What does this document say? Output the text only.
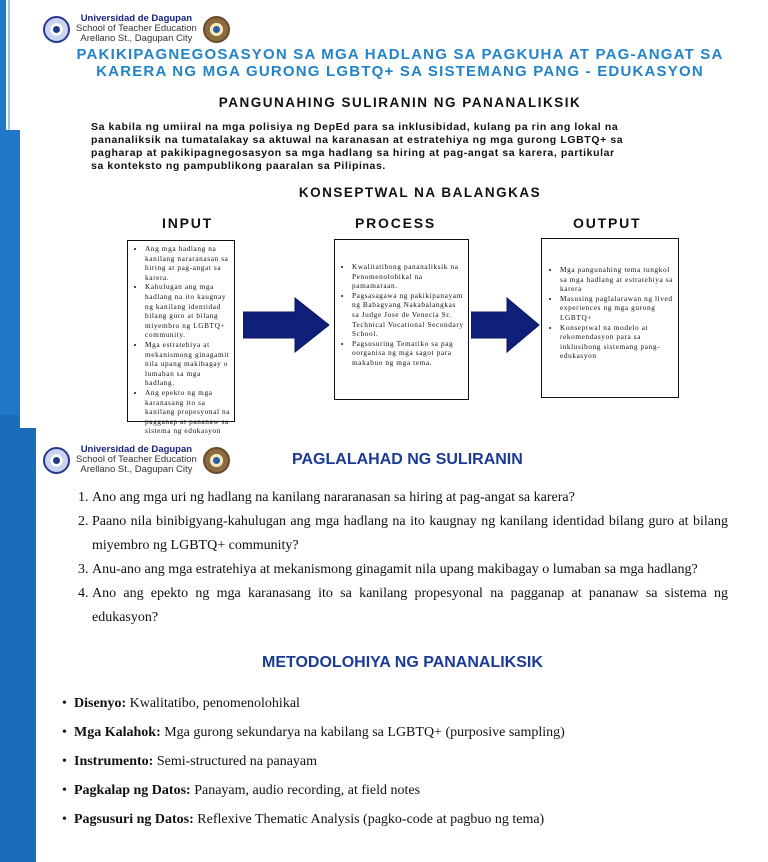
Universidad de Dagupan
School of Teacher Education
Arellano St., Dagupan City
PAKIKIPAGNEGOSASYON SA MGA HADLANG SA PAGKUHA AT PAG-ANGAT SA
KARERA NG MGA GURONG LGBTQ+ SA SISTEMANG PANG - EDUKASYON
PANGUNAHING SULIRANIN NG PANANALIKSIK
Sa kabila ng umiiral na mga polisiya ng DepEd para sa inklusibidad, kulang pa rin ang lokal na
pananaliksik na tumatalakay sa aktuwal na karanasan at estratehiya ng mga gurong LGBTQ+ sa
pagharap at pakikipagnegosasyon sa mga hadlang sa hiring at pag-angat sa karera, partikular
sa konteksto ng pampublikong paaralan sa Pilipinas.
KONSEPTWAL NA BALANGKAS
INPUT	PROCESS	OUTPUT
• Ang mga hadlang na kanilang nararanasan sa hiring at pag-angat sa karera.
• Kahulugan ang mga hadlang na ito kaugnay ng kanilang identidad bilang guro at bilang miyembro ng LGBTQ+ community.
• Mga estratehiya at mekanismong ginagamit nila upang makibagay o lumaban sa mga hadlang.
• Ang epekto ng mga karanasang ito sa kanilang propesyonal na pagganap at pananaw sa sistema ng edukasyon
• Kwalitatibong pananaliksik na Penomenolohikal na pamamaraan.
• Pagsasagawa ng pakikipanayam ng Babagyang Nakabalangkas sa Judge Jose de Venecia Sr. Technical Vocational Secondary School.
• Pagsusuring Tematiko sa pag oorganisa ng mga sagot para makabuo ng mga tema.
• Mga pangunahing tema tungkol sa mga hadlang at estratehiya sa karera
• Masusing paglalarawan ng lived experiences ng mga gurong LGBTQ+
• Konseptwal na modelo at rekomendasyon para sa inklusibong sistemang pang-edukasyon
Universidad de Dagupan
School of Teacher Education
Arellano St., Dagupan City
PAGLALAHAD NG SULIRANIN
1. Ano ang mga uri ng hadlang na kanilang nararanasan sa hiring at pag-angat sa karera?
2. Paano nila binibigyang-kahulugan ang mga hadlang na ito kaugnay ng kanilang identidad bilang guro at bilang miyembro ng LGBTQ+ community?
3. Anu-ano ang mga estratehiya at mekanismong ginagamit nila upang makibagay o lumaban sa mga hadlang?
4. Ano ang epekto ng mga karanasang ito sa kanilang propesyonal na pagganap at pananaw sa sistema ng edukasyon?
METODOLOHIYA NG PANANALIKSIK
• Disenyo: Kwalitatibo, penomenolohikal
• Mga Kalahok: Mga gurong sekundarya na kabilang sa LGBTQ+ (purposive sampling)
• Instrumento: Semi-structured na panayam
• Pagkalap ng Datos: Panayam, audio recording, at field notes
• Pagsusuri ng Datos: Reflexive Thematic Analysis (pagko-code at pagbuo ng tema)
